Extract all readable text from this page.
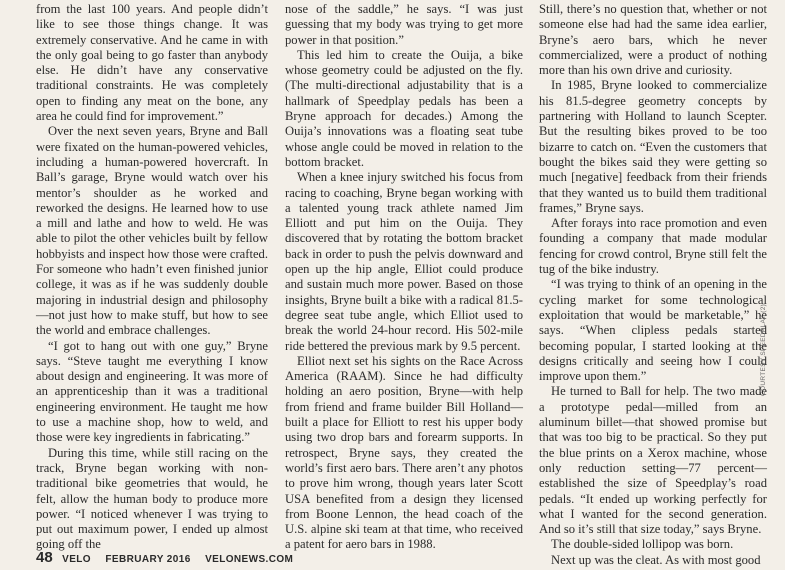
from the last 100 years. And people didn’t like to see those things change. It was extremely conservative. And he came in with the only goal being to go faster than anybody else. He didn’t have any conservative traditional constraints. He was completely open to finding any meat on the bone, any area he could find for improvement.”

Over the next seven years, Bryne and Ball were fixated on the human-powered vehicles, including a human-powered hovercraft. In Ball’s garage, Bryne would watch over his mentor’s shoulder as he worked and reworked the designs. He learned how to use a mill and lathe and how to weld. He was able to pilot the other vehicles built by fellow hobbyists and inspect how those were crafted. For someone who hadn’t even finished junior college, it was as if he was suddenly double majoring in industrial design and philosophy—not just how to make stuff, but how to see the world and embrace challenges.

“I got to hang out with one guy,” Bryne says. “Steve taught me everything I know about design and engineering. It was more of an apprenticeship than it was a traditional engineering environment. He taught me how to use a machine shop, how to weld, and those were key ingredients in fabricating.”

During this time, while still racing on the track, Bryne began working with non-traditional bike geometries that would, he felt, allow the human body to produce more power. “I noticed whenever I was trying to put out maximum power, I ended up almost going off the

nose of the saddle,” he says. “I was just guessing that my body was trying to get more power in that position.”

This led him to create the Ouija, a bike whose geometry could be adjusted on the fly. (The multi-directional adjustability that is a hallmark of Speedplay pedals has been a Bryne approach for decades.) Among the Ouija’s innovations was a floating seat tube whose angle could be moved in relation to the bottom bracket.

When a knee injury switched his focus from racing to coaching, Bryne began working with a talented young track athlete named Jim Elliott and put him on the Ouija. They discovered that by rotating the bottom bracket back in order to push the pelvis downward and open up the hip angle, Elliot could produce and sustain much more power. Based on those insights, Bryne built a bike with a radical 81.5-degree seat tube angle, which Elliot used to break the world 24-hour record. His 502-mile ride bettered the previous mark by 9.5 percent.

Elliot next set his sights on the Race Across America (RAAM). Since he had difficulty holding an aero position, Bryne—with help from friend and frame builder Bill Holland—built a place for Elliott to rest his upper body using two drop bars and forearm supports. In retrospect, Bryne says, they created the world’s first aero bars. There aren’t any photos to prove him wrong, though years later Scott USA benefited from a design they licensed from Boone Lennon, the head coach of the U.S. alpine ski team at that time, who received a patent for aero bars in 1988.

Still, there’s no question that, whether or not someone else had had the same idea earlier, Bryne’s aero bars, which he never commercialized, were a product of nothing more than his own drive and curiosity.

In 1985, Bryne looked to commercialize his 81.5-degree geometry concepts by partnering with Holland to launch Scepter. But the resulting bikes proved to be too bizarre to catch on. “Even the customers that bought the bikes said they were getting so much [negative] feedback from their friends that they wanted us to build them traditional frames,” Bryne says.

After forays into race promotion and even founding a company that made modular fencing for crowd control, Bryne still felt the tug of the bike industry.

“I was trying to think of an opening in the cycling market for some technological exploitation that would be marketable,” he says. “When clipless pedals started becoming popular, I started looking at the designs critically and seeing how I could improve upon them.”

He turned to Ball for help. The two made a prototype pedal—milled from an aluminum billet—that showed promise but that was too big to be practical. So they put the blue prints on a Xerox machine, whose only reduction setting—77 percent—established the size of Speedplay’s road pedals. “It ended up working perfectly for what I wanted for the second generation. And so it’s still that size today,” says Bryne.

The double-sided lollipop was born.

Next up was the cleat. As with most good

COURTESY SPEEDPLAY (2)
48 VELO FEBRUARY 2016 VELONEWS.COM
